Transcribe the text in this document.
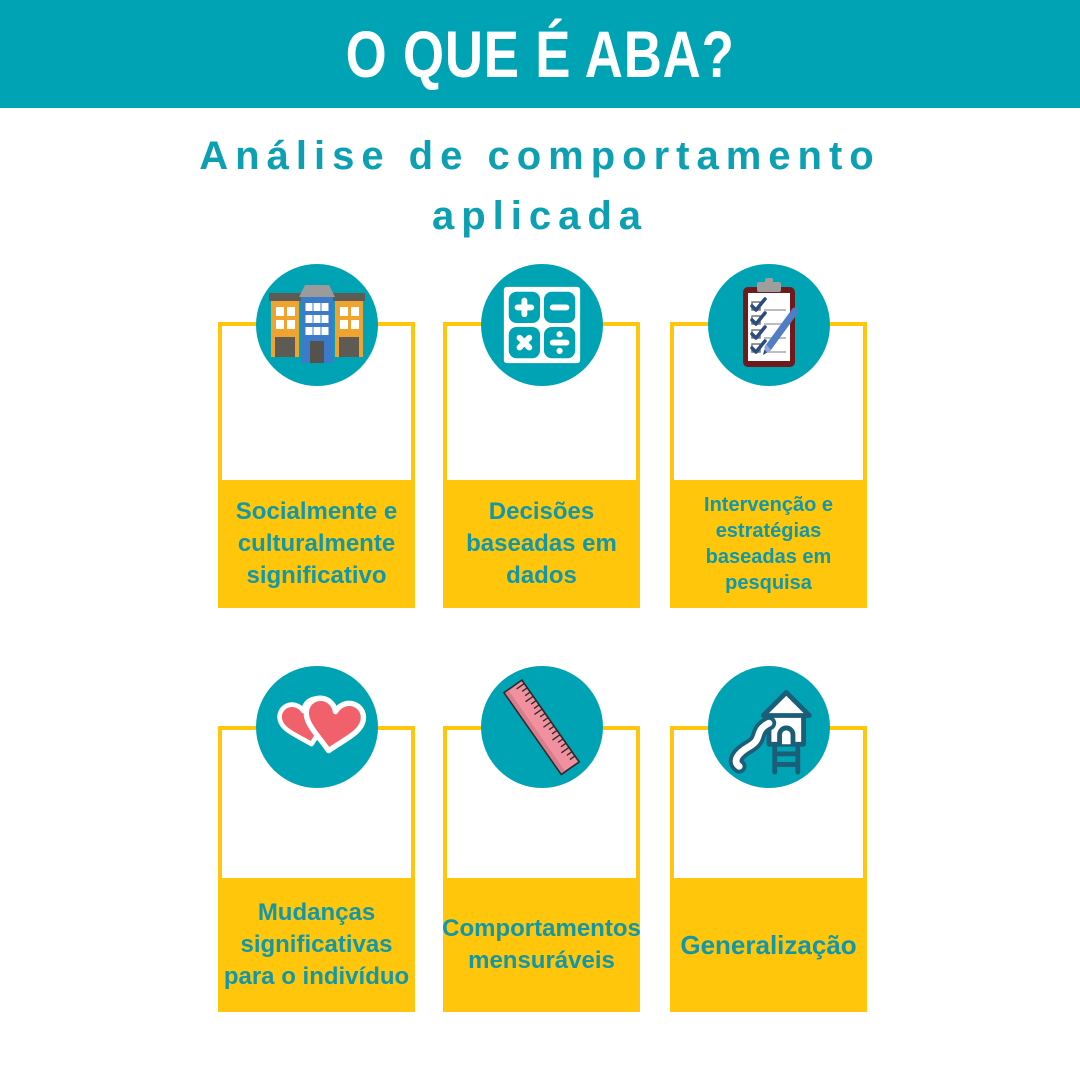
O QUE É ABA?
Análise de comportamento
aplicada
Socialmente e culturalmente significativo
Decisões baseadas em dados
Intervenção e estratégias baseadas em pesquisa
Mudanças significativas para o indivíduo
Comportamentos mensuráveis
Generalização
